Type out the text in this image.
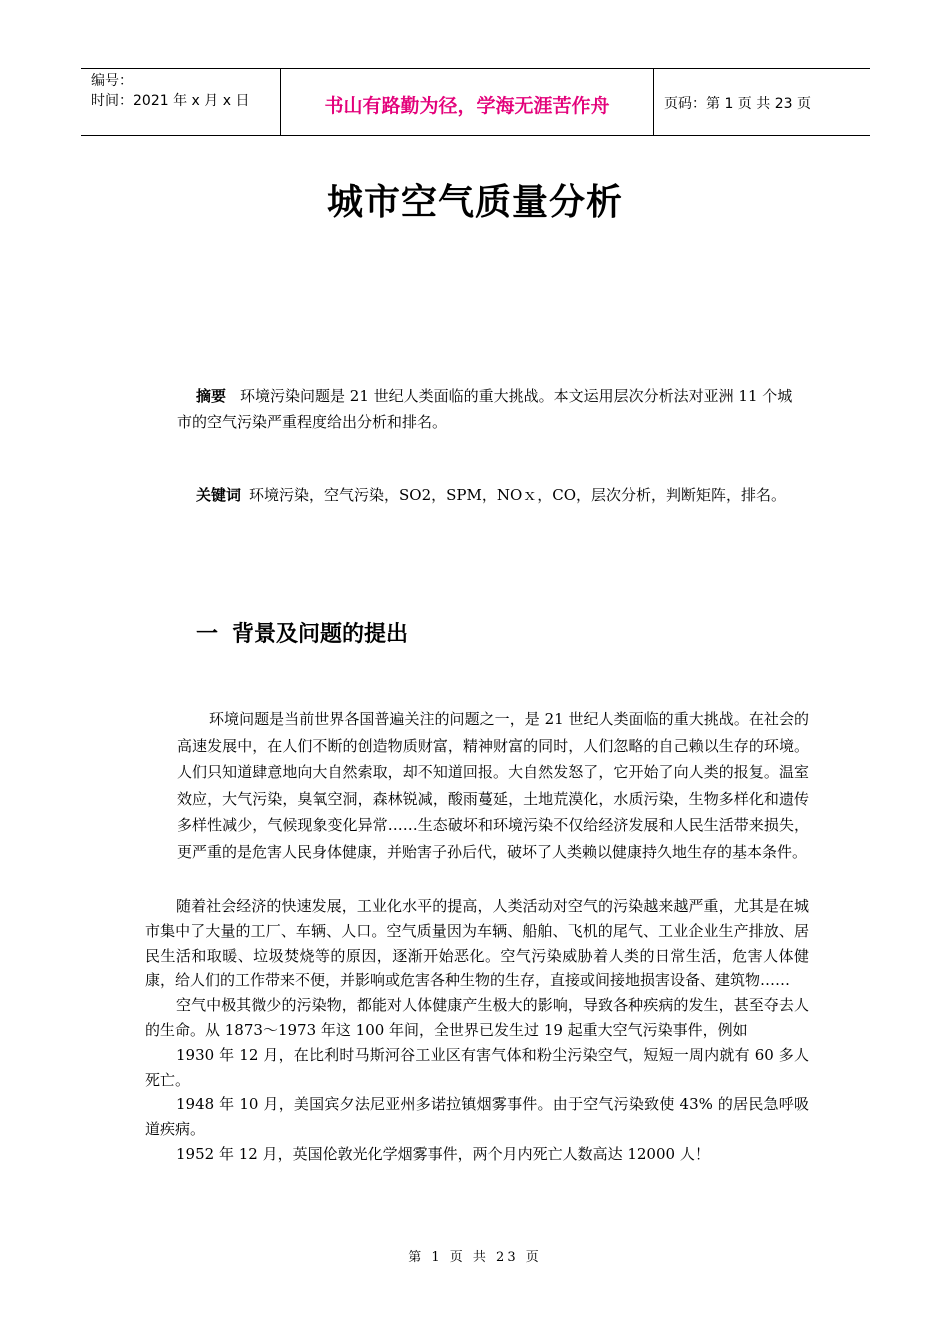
编号：
时间：2021 年 x 月 x 日	书山有路勤为径，学海无涯苦作舟	页码：第 1 页 共 23 页
城市空气质量分析
摘要 环境污染问题是 21 世纪人类面临的重大挑战。本文运用层次分析法对亚洲 11 个城市的空气污染严重程度给出分析和排名。
关键词 环境污染，空气污染，SO2，SPM，NOｘ，CO，层次分析，判断矩阵，排名。
一 背景及问题的提出
环境问题是当前世界各国普遍关注的问题之一，是 21 世纪人类面临的重大挑战。在社会的高速发展中，在人们不断的创造物质财富，精神财富的同时，人们忽略的自己赖以生存的环境。人们只知道肆意地向大自然索取，却不知道回报。大自然发怒了，它开始了向人类的报复。温室效应，大气污染，臭氧空洞，森林锐减，酸雨蔓延，土地荒漠化，水质污染，生物多样化和遗传多样性减少，气候现象变化异常……生态破坏和环境污染不仅给经济发展和人民生活带来损失，更严重的是危害人民身体健康，并贻害子孙后代，破坏了人类赖以健康持久地生存的基本条件。

随着社会经济的快速发展，工业化水平的提高，人类活动对空气的污染越来越严重，尤其是在城市集中了大量的工厂、车辆、人口。空气质量因为车辆、船舶、飞机的尾气、工业企业生产排放、居民生活和取暖、垃圾焚烧等的原因，逐渐开始恶化。空气污染威胁着人类的日常生活，危害人体健康，给人们的工作带来不便，并影响或危害各种生物的生存，直接或间接地损害设备、建筑物……

空气中极其微少的污染物，都能对人体健康产生极大的影响，导致各种疾病的发生，甚至夺去人的生命。从 1873～1973 年这 100 年间，全世界已发生过 19 起重大空气污染事件，例如

1930 年 12 月，在比利时马斯河谷工业区有害气体和粉尘污染空气，短短一周内就有 60 多人死亡。

1948 年 10 月，美国宾夕法尼亚州多诺拉镇烟雾事件。由于空气污染致使 43% 的居民急呼吸道疾病。

1952 年 12 月，英国伦敦光化学烟雾事件，两个月内死亡人数高达 12000 人！

第 1 页 共 23 页
